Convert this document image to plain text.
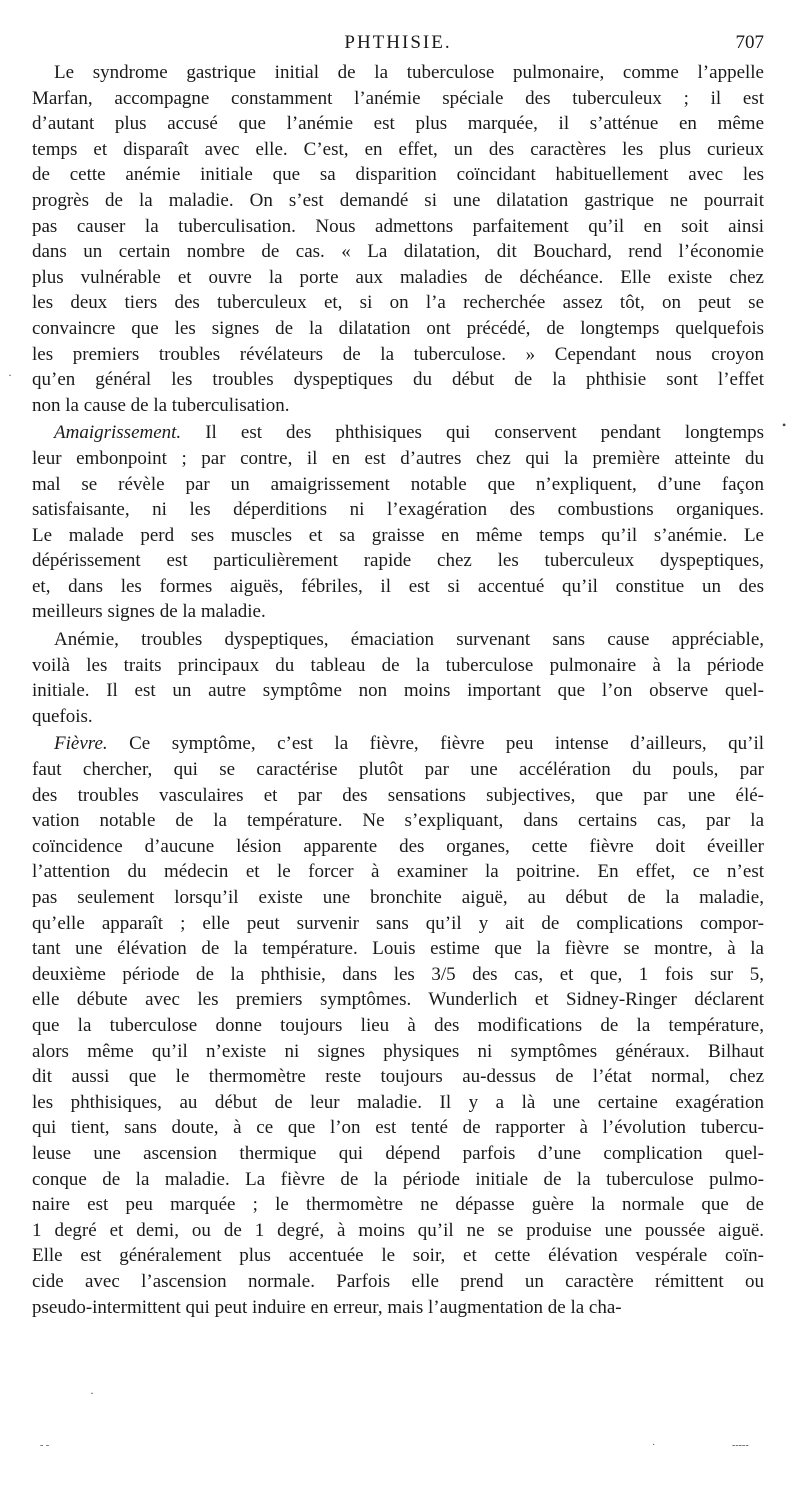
PHTHISIE.	707
Le syndrome gastrique initial de la tuberculose pulmonaire, comme l’appelle
Marfan, accompagne constamment l’anémie spéciale des tuberculeux ; il est
d’autant plus accusé que l’anémie est plus marquée, il s’atténue en même
temps et disparaît avec elle. C’est, en effet, un des caractères les plus curieux
de cette anémie initiale que sa disparition coïncidant habituellement avec les
progrès de la maladie. On s’est demandé si une dilatation gastrique ne pourrait
pas causer la tuberculisation. Nous admettons parfaitement qu’il en soit ainsi
dans un certain nombre de cas. « La dilatation, dit Bouchard, rend l’économie
plus vulnérable et ouvre la porte aux maladies de déchéance. Elle existe chez
les deux tiers des tuberculeux et, si on l’a recherchée assez tôt, on peut se
convaincre que les signes de la dilatation ont précédé, de longtemps quelquefois
les premiers troubles révélateurs de la tuberculose. » Cependant nous croyon
qu’en général les troubles dyspeptiques du début de la phthisie sont l’effet
non la cause de la tuberculisation.
Amaigrissement. Il est des phthisiques qui conservent pendant longtemps
leur embonpoint ; par contre, il en est d’autres chez qui la première atteinte du
mal se révèle par un amaigrissement notable que n’expliquent, d’une façon
satisfaisante, ni les déperditions ni l’exagération des combustions organiques.
Le malade perd ses muscles et sa graisse en même temps qu’il s’anémie. Le
dépérissement est particulièrement rapide chez les tuberculeux dyspeptiques,
et, dans les formes aiguës, fébriles, il est si accentué qu’il constitue un des
meilleurs signes de la maladie.
Anémie, troubles dyspeptiques, émaciation survenant sans cause appréciable,
voilà les traits principaux du tableau de la tuberculose pulmonaire à la période
initiale. Il est un autre symptôme non moins important que l’on observe quel-
quefois.
Fièvre. Ce symptôme, c’est la fièvre, fièvre peu intense d’ailleurs, qu’il
faut chercher, qui se caractérise plutôt par une accélération du pouls, par
des troubles vasculaires et par des sensations subjectives, que par une élé-
vation notable de la température. Ne s’expliquant, dans certains cas, par la
coïncidence d’aucune lésion apparente des organes, cette fièvre doit éveiller
l’attention du médecin et le forcer à examiner la poitrine. En effet, ce n’est
pas seulement lorsqu’il existe une bronchite aiguë, au début de la maladie,
qu’elle apparaît ; elle peut survenir sans qu’il y ait de complications compor-
tant une élévation de la température. Louis estime que la fièvre se montre, à la
deuxième période de la phthisie, dans les 3/5 des cas, et que, 1 fois sur 5,
elle débute avec les premiers symptômes. Wunderlich et Sidney-Ringer déclarent
que la tuberculose donne toujours lieu à des modifications de la température,
alors même qu’il n’existe ni signes physiques ni symptômes généraux. Bilhaut
dit aussi que le thermomètre reste toujours au-dessus de l’état normal, chez
les phthisiques, au début de leur maladie. Il y a là une certaine exagération
qui tient, sans doute, à ce que l’on est tenté de rapporter à l’évolution tubercu-
leuse une ascension thermique qui dépend parfois d’une complication quel-
conque de la maladie. La fièvre de la période initiale de la tuberculose pulmo-
naire est peu marquée ; le thermomètre ne dépasse guère la normale que de
1 degré et demi, ou de 1 degré, à moins qu’il ne se produise une poussée aiguë.
Elle est généralement plus accentuée le soir, et cette élévation vespérale coïn-
cide avec l’ascension normale. Parfois elle prend un caractère rémittent ou
pseudo-intermittent qui peut induire en erreur, mais l’augmentation de la cha-
·
•
·
‐ ‐	·	‐‐‐‐‐
